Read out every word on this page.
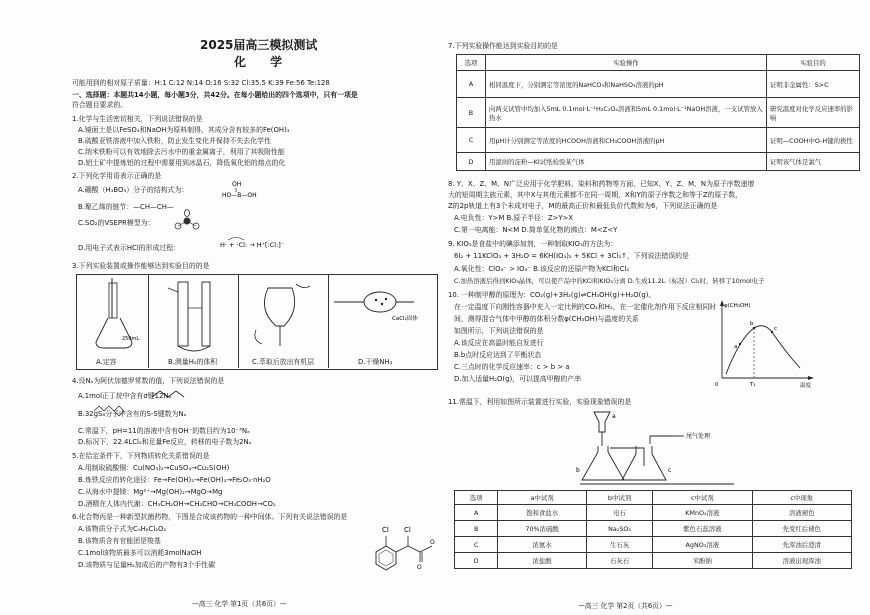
2025届高三模拟测试
化 学
可能用到的相对原子质量：H:1 C:12 N:14 O:16 S:32 Cl:35.5 K:39 Fe:56 Te:128
一、选择题：本题共14小题，每小题3分，共42分。在每小题给出的四个选项中，只有一项是
符合题目要求的。
1.化学与生活密切相关，下列说法错误的是
A.镜面土是以FeSO₄和NaOH为原料制得，其成分含有较多的Fe(OH)₃
B.硫酸亚铁溶液中加入铁粉，防止发生变化并保持不失去化学性
C.纳米铁粉可以有效地除去污水中的重金属离子，利用了其吸附性能
D.铝土矿中提炼铝的过程中需要用到冰晶石，降低氧化铝的熔点的化
2.下列化学用语表示正确的是
A.硼酸（H₃BO₃）分子的结构式为：
OH
HO—B—OH
B.聚乙烯的链节：—CH—CH—
C.SO₂的VSEPR模型为：
D.用电子式表示HCl的形成过程：	H· + ·Cl: → H⁺[:Cl:]⁻
3.下列实验装置或操作能够达到实验目的的是
250mL
A.定容	B.测量H₂的体积	C.萃取后放出有机层
CaCl₂固体
D.干燥NH₃
4.设Nₐ为阿伏加德罗常数的值，下列说法错误的是
A.1mol正丁烷中含有σ键12Nₐ
B.32gS₈分子中含有的S-S键数为Nₐ
C.常温下，pH=11的溶液中含有OH⁻的数目约为10⁻³Nₐ
D.标况下，22.4LCl₂和足量Fe反应，转移的电子数为2Nₐ
5.在给定条件下，下列物质转化关系错误的是
A.用制取硫酸铜：Cu(NO₃)₂→CuSO₄→Cu₂S(OH)
B.炼铁反应的转化途径：Fe→Fe(OH)₂→Fe(OH)₃→Fe₂O₃·nH₂O
C.从海水中提镁：Mg²⁺→Mg(OH)₂→MgO→Mg
D.酒精在人体内代谢：CH₃CH₂OH→CH₃CHO→CH₃COOH→CO₂
6.化合物丙是一种新型抗菌药物，下图是合成该药物的一种中间体。下列有关说法错误的是
A.该物质分子式为C₉H₈Cl₂O₂
B.该物质含有官能团是羧基
C.1mol该物质最多可以消耗3molNaOH
D.该物质与足量H₂加成后的产物有3个手性碳
Cl Cl
O
O
—高三 化学 第1页（共6页）—
7.下列实验操作能达到实验目的的是
选项	实验操作	实验目的
A	相同温度下，分别测定等浓度的NaHCO₃和NaHSO₃溶液的pH	证明非金属性：S>C
B	向两支试管中均加入5mL 0.1mol·L⁻¹H₂C₂O₄溶液和5mL 0.1mol·L⁻¹NaOH溶液，一支试管放入热水	研究温度对化学反应速率的影响
C	用pH计分别测定等浓度的HCOOH溶液和CH₃COOH溶液的pH	证明—COOH中O-H键的极性
D	用湿润的淀粉—KI试纸检验某气体	证明该气体是氯气
8. Y、X、Z、M、N广泛应用于化学肥料、染料和药物等方面，已知X、Y、Z、M、N为原子序数递增
大的短周期主族元素，其中X与其他元素都不在同一周期，X和Y的原子序数之和等于Z的原子数，
Z的2p轨道上有3个未成对电子，M的最高正价和最低负价代数和为6，下列说法正确的是
A.电负性：Y>M B.原子半径：Z>Y>X
C.第一电离能：N<M D.简单氢化物的沸点：M<Z<Y
9. KIO₃是食盐中的碘添加剂，一种制取KIO₃的方法为：
6I₂ + 11KClO₃ + 3H₂O = 6KH(IO₃)₂ + 5KCl + 3Cl₂↑，下列说法错误的是
A.氧化性：ClO₃⁻ > IO₃⁻ B.该反应的还原产物为KCl和Cl₂
C.加热溶液后得到KIO₃晶体，可以使产品中的KCl和KIO₃分离 D.生成11.2L（标况）Cl₂时，转移了10mol电子
10. 一种制甲醇的原理为：CO₂(g)+3H₂(g)⇌CH₃OH(g)+H₂O(g)。
在一定温度下向刚性容器中充入一定比例的CO₂和H₂，在一定催化剂作用下反应相同时
间，测得混合气体中甲醇的体积分数φ(CH₃OH)与温度的关系
如图所示，下列说法错误的是
A.该反应在高温时能自发进行
B.b点时反应达到了平衡状态
C.三点时的化学反应速率：c > b > a
D.加入适量H₂O(g)，可以提高甲醇的产率
a
b
c
φ(CH₃OH)
温度
0	T₁
11.常温下，利用如图所示装置进行实验，实验现象错误的是
尾气处理
a
b	c
选项	a中试剂	b中试剂	c中试剂	c中现象
A	饱和食盐水	电石	KMnO₄溶液	溶液褪色
B	70%浓硫酸	Na₂SO₃	紫色石蕊溶液	先变红后褪色
C	浓氨水	生石灰	AgNO₃溶液	先浑浊后澄清
D	浓盐酸	石灰石	苯酚钠	溶液出现浑浊
—高三 化学 第2页（共6页）—
